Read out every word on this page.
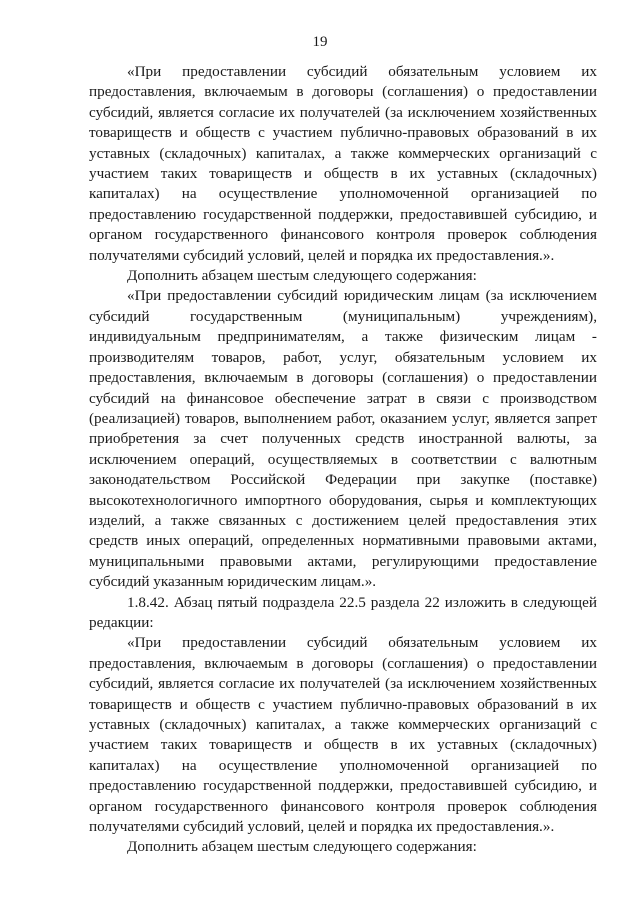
19

«При предоставлении субсидий обязательным условием их предоставления, включаемым в договоры (соглашения) о предоставлении субсидий, является согласие их получателей (за исключением хозяйственных товариществ и обществ с участием публично-правовых образований в их уставных (складочных) капиталах, а также коммерческих организаций с участием таких товариществ и обществ в их уставных (складочных) капиталах) на осуществление уполномоченной организацией по предоставлению государственной поддержки, предоставившей субсидию, и органом государственного финансового контроля проверок соблюдения получателями субсидий условий, целей и порядка их предоставления.».

Дополнить абзацем шестым следующего содержания:

«При предоставлении субсидий юридическим лицам (за исключением субсидий государственным (муниципальным) учреждениям), индивидуальным предпринимателям, а также физическим лицам - производителям товаров, работ, услуг, обязательным условием их предоставления, включаемым в договоры (соглашения) о предоставлении субсидий на финансовое обеспечение затрат в связи с производством (реализацией) товаров, выполнением работ, оказанием услуг, является запрет приобретения за счет полученных средств иностранной валюты, за исключением операций, осуществляемых в соответствии с валютным законодательством Российской Федерации при закупке (поставке) высокотехнологичного импортного оборудования, сырья и комплектующих изделий, а также связанных с достижением целей предоставления этих средств иных операций, определенных нормативными правовыми актами, муниципальными правовыми актами, регулирующими предоставление субсидий указанным юридическим лицам.».

1.8.42. Абзац пятый подраздела 22.5 раздела 22 изложить в следующей редакции:

«При предоставлении субсидий обязательным условием их предоставления, включаемым в договоры (соглашения) о предоставлении субсидий, является согласие их получателей (за исключением хозяйственных товариществ и обществ с участием публично-правовых образований в их уставных (складочных) капиталах, а также коммерческих организаций с участием таких товариществ и обществ в их уставных (складочных) капиталах) на осуществление уполномоченной организацией по предоставлению государственной поддержки, предоставившей субсидию, и органом государственного финансового контроля проверок соблюдения получателями субсидий условий, целей и порядка их предоставления.».

Дополнить абзацем шестым следующего содержания:
